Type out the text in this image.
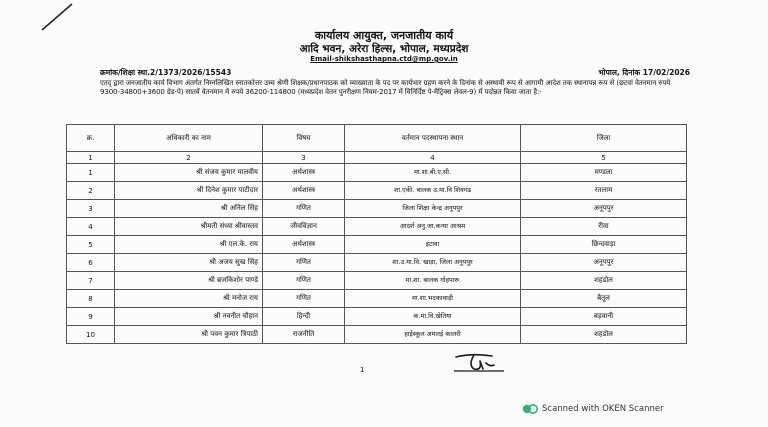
कार्यालय आयुक्त, जनजातीय कार्य
आदि भवन, अरेरा हिल्स, भोपाल, मध्यप्रदेश
Email-shikshasthapna.ctd@mp.gov.in
क्रमांक/शिक्षा स्था.2/1373/2026/15543	भोपाल, दिनांक 17/02/2026
एतद् द्वारा जनजातीय कार्य विभाग अंतर्गत निम्नलिखित स्नातकोत्तर उच्च श्रेणी शिक्षक/प्रधानपाठक को व्याख्याता के पद पर कार्यभार ग्रहण करने के दिनांक से अस्थायी रूप से आगामी आदेश तक स्थानापन्न रूप से (छटवां वेतनमान रुपये 9300-34800+3600 ग्रेड-पे) सातवें वेतनमान में रुपये 36200-114800 (मध्यप्रदेश वेतन पुनरीक्षण नियम-2017 में विनिर्दिष्ट पे-मैट्रिक्स लेवल-9) में पदोन्नत किया जाता है:-
क्र.	अधिकारी का नाम	विषय	वर्तमान पदस्थापना स्थान	जिला
1	2	3	4	5
1	श्री संजय कुमार मालवीय	अर्थशास्त्र	मा.शा.बी.ए.सी.	मण्डला
2	श्री दिनेश कुमार पाटीदार	अर्थशास्त्र	शा.एकी. बालक उ.मा.वि शिवगढ	रतलाम
3	श्री अनिल सिंह	गणित	जिला शिक्षा केन्द्र अनूपपुर	अनूपपुर
4	श्रीमती संध्या श्रीवास्तव	जीवविज्ञान	आदर्श अनु.जा.कन्या आश्रम	रीवा
5	श्री एल.के. राय	अर्थशास्त्र	इटावा	छिन्दवाड़ा
6	श्री अजय सुख सिंह	गणित	शा.उ.मा.वि. खाड़ा, जिला अनूपपुर	अनूपपुर
7	श्री ब्रजकिशोर पाण्डे	गणित	मा.शा. बालक गोहपारू	शहडोल
8	श्री मनोज राय	गणित	मा.शा.भदकावाड़ी	बैतूल
9	श्री नवनीत चौहान	हिन्दी	क.मा.वि.खेतिया	बड़वानी
10	श्री पवन कुमार त्रिपाठी	राजनीति	हाईस्कूल अमलई कालरी	शहडोल
1
Scanned with OKEN Scanner
